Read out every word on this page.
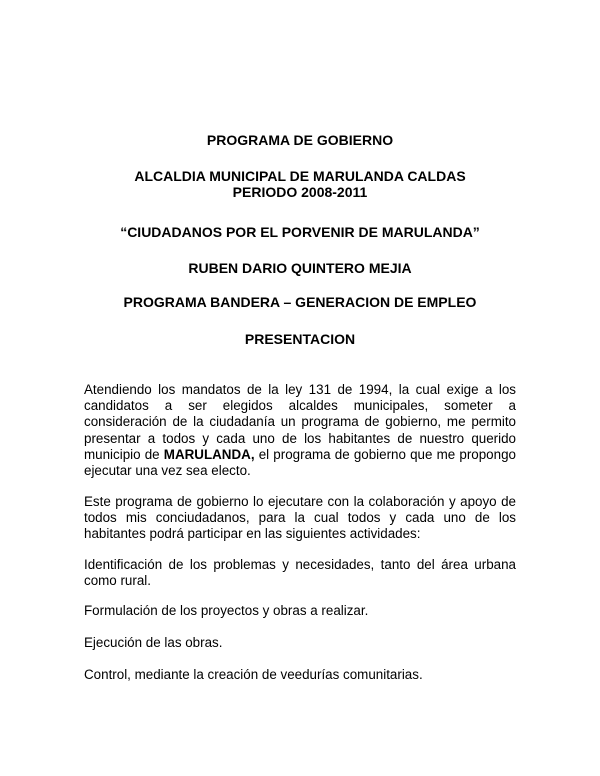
PROGRAMA DE GOBIERNO

ALCALDIA MUNICIPAL DE MARULANDA CALDAS
PERIODO 2008-2011

“CIUDADANOS POR EL PORVENIR DE MARULANDA”

RUBEN DARIO QUINTERO MEJIA

PROGRAMA BANDERA – GENERACION DE EMPLEO

PRESENTACION

Atendiendo los mandatos de la ley 131 de 1994, la cual exige a los candidatos a ser elegidos alcaldes municipales, someter a consideración de la ciudadanía un programa de gobierno, me permito presentar a todos y cada uno de los habitantes de nuestro querido municipio de MARULANDA, el programa de gobierno que me propongo ejecutar una vez sea electo.

Este programa de gobierno lo ejecutare con la colaboración y apoyo de todos mis conciudadanos, para la cual todos y cada uno de los habitantes podrá participar en las siguientes actividades:

Identificación de los problemas y necesidades, tanto del área urbana como rural.

Formulación de los proyectos y obras a realizar.

Ejecución de las obras.

Control, mediante la creación de veedurías comunitarias.
